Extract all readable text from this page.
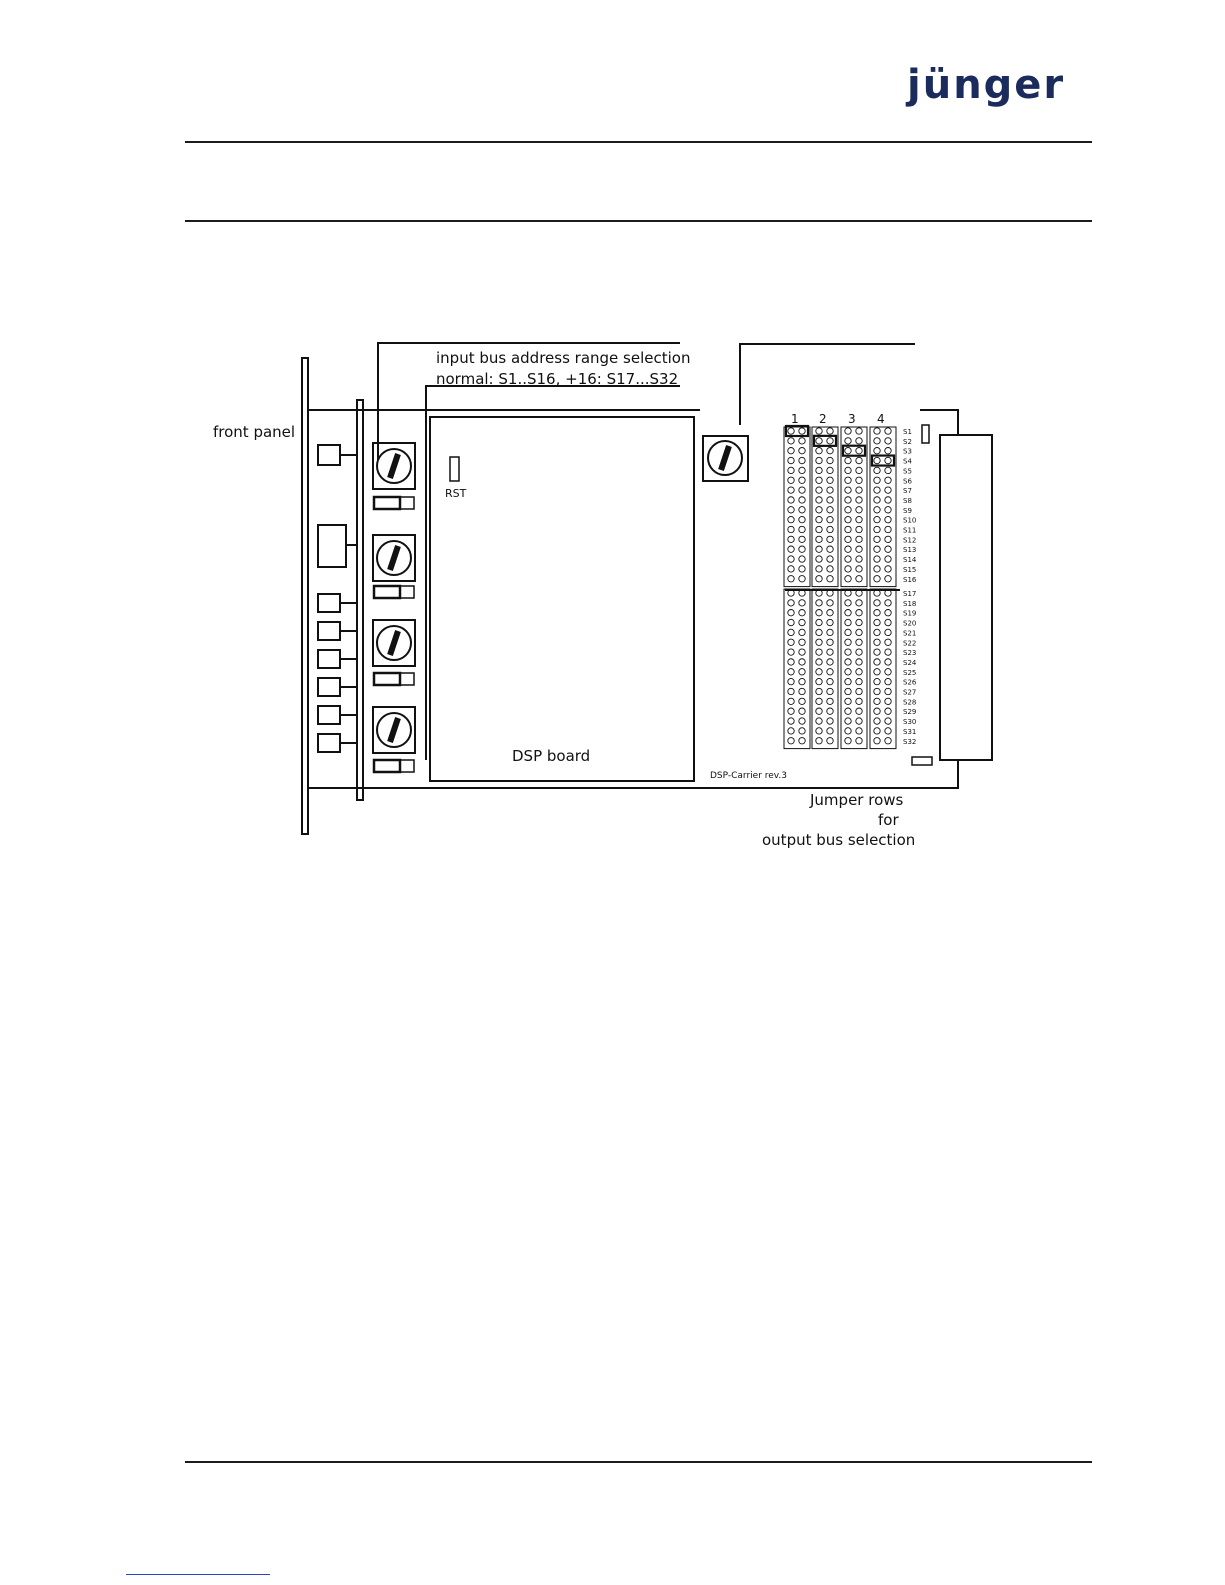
jünger
1 2 3 4
S1
S2
S3
S4
S5
S6
S7
S8
S9
S10
S11
S12
S13
S14
S15
S16
S17
S18
S19
S20
S21
S22
S23
S24
S25
S26
S27
S28
S29
S30
S31
S32
front panel
input bus address range selection
normal: S1..S16, +16: S17...S32
RST
DSP board
DSP-Carrier rev.3
Jumper rows
for
output bus selection
